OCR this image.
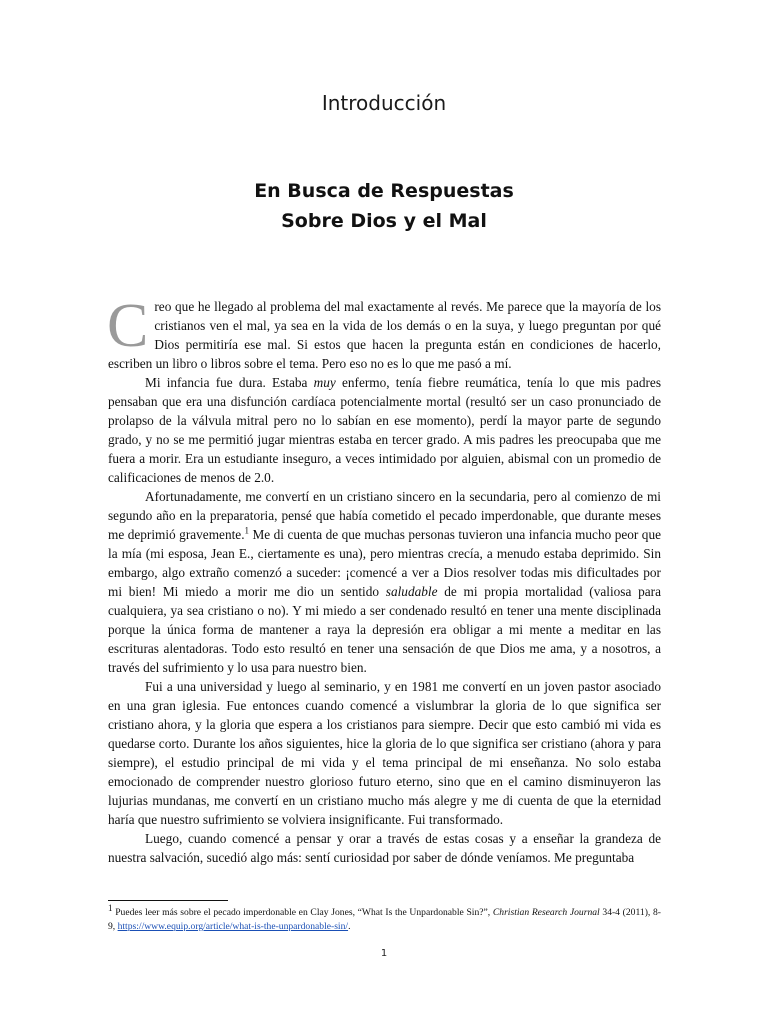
Introducción
En Busca de Respuestas
Sobre Dios y el Mal

Creo que he llegado al problema del mal exactamente al revés. Me parece que la mayoría de los cristianos ven el mal, ya sea en la vida de los demás o en la suya, y luego preguntan por qué Dios permitiría ese mal. Si estos que hacen la pregunta están en condiciones de hacerlo, escriben un libro o libros sobre el tema. Pero eso no es lo que me pasó a mí.

Mi infancia fue dura. Estaba muy enfermo, tenía fiebre reumática, tenía lo que mis padres pensaban que era una disfunción cardíaca potencialmente mortal (resultó ser un caso pronunciado de prolapso de la válvula mitral pero no lo sabían en ese momento), perdí la mayor parte de segundo grado, y no se me permitió jugar mientras estaba en tercer grado. A mis padres les preocupaba que me fuera a morir. Era un estudiante inseguro, a veces intimidado por alguien, abismal con un promedio de calificaciones de menos de 2.0.

Afortunadamente, me convertí en un cristiano sincero en la secundaria, pero al comienzo de mi segundo año en la preparatoria, pensé que había cometido el pecado imperdonable, que durante meses me deprimió gravemente.$^1$ Me di cuenta de que muchas personas tuvieron una infancia mucho peor que la mía (mi esposa, Jean E., ciertamente es una), pero mientras crecía, a menudo estaba deprimido. Sin embargo, algo extraño comenzó a suceder: ¡comencé a ver a Dios resolver todas mis dificultades por mi bien! Mi miedo a morir me dio un sentido saludable de mi propia mortalidad (valiosa para cualquiera, ya sea cristiano o no). Y mi miedo a ser condenado resultó en tener una mente disciplinada porque la única forma de mantener a raya la depresión era obligar a mi mente a meditar en las escrituras alentadoras. Todo esto resultó en tener una sensación de que Dios me ama, y a nosotros, a través del sufrimiento y lo usa para nuestro bien.

Fui a una universidad y luego al seminario, y en 1981 me convertí en un joven pastor asociado en una gran iglesia. Fue entonces cuando comencé a vislumbrar la gloria de lo que significa ser cristiano ahora, y la gloria que espera a los cristianos para siempre. Decir que esto cambió mi vida es quedarse corto. Durante los años siguientes, hice la gloria de lo que significa ser cristiano (ahora y para siempre), el estudio principal de mi vida y el tema principal de mi enseñanza. No solo estaba emocionado de comprender nuestro glorioso futuro eterno, sino que en el camino disminuyeron las lujurias mundanas, me convertí en un cristiano mucho más alegre y me di cuenta de que la eternidad haría que nuestro sufrimiento se volviera insignificante. Fui transformado.

Luego, cuando comencé a pensar y orar a través de estas cosas y a enseñar la grandeza de nuestra salvación, sucedió algo más: sentí curiosidad por saber de dónde veníamos. Me preguntaba

$^1$ Puedes leer más sobre el pecado imperdonable en Clay Jones, “What Is the Unpardonable Sin?”, Christian Research Journal 34-4 (2011), 8-9, https://www.equip.org/article/what-is-the-unpardonable-sin/.
1
